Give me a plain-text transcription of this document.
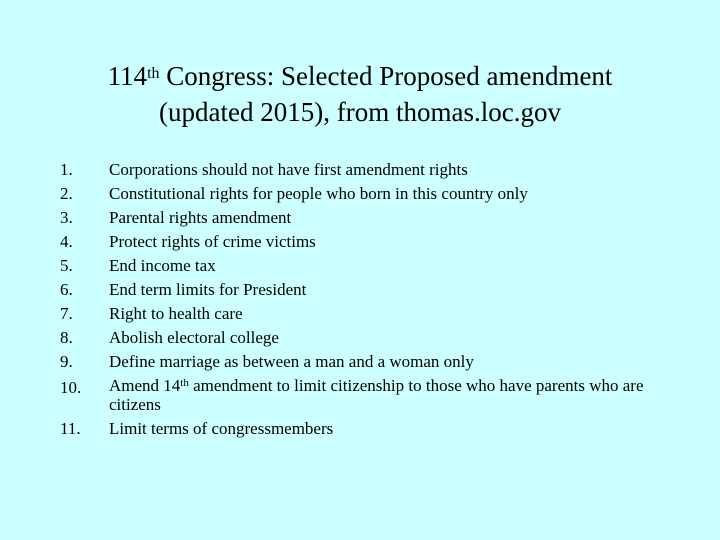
114th Congress: Selected Proposed amendment
(updated 2015), from thomas.loc.gov
1.	Corporations should not have first amendment rights
2.	Constitutional rights for people who born in this country only
3.	Parental rights amendment
4.	Protect rights of crime victims
5.	End income tax
6.	End term limits for President
7.	Right to health care
8.	Abolish electoral college
9.	Define marriage as between a man and a woman only
10.	Amend 14th amendment to limit citizenship to those who have parents who are citizens
11.	Limit terms of congressmembers
